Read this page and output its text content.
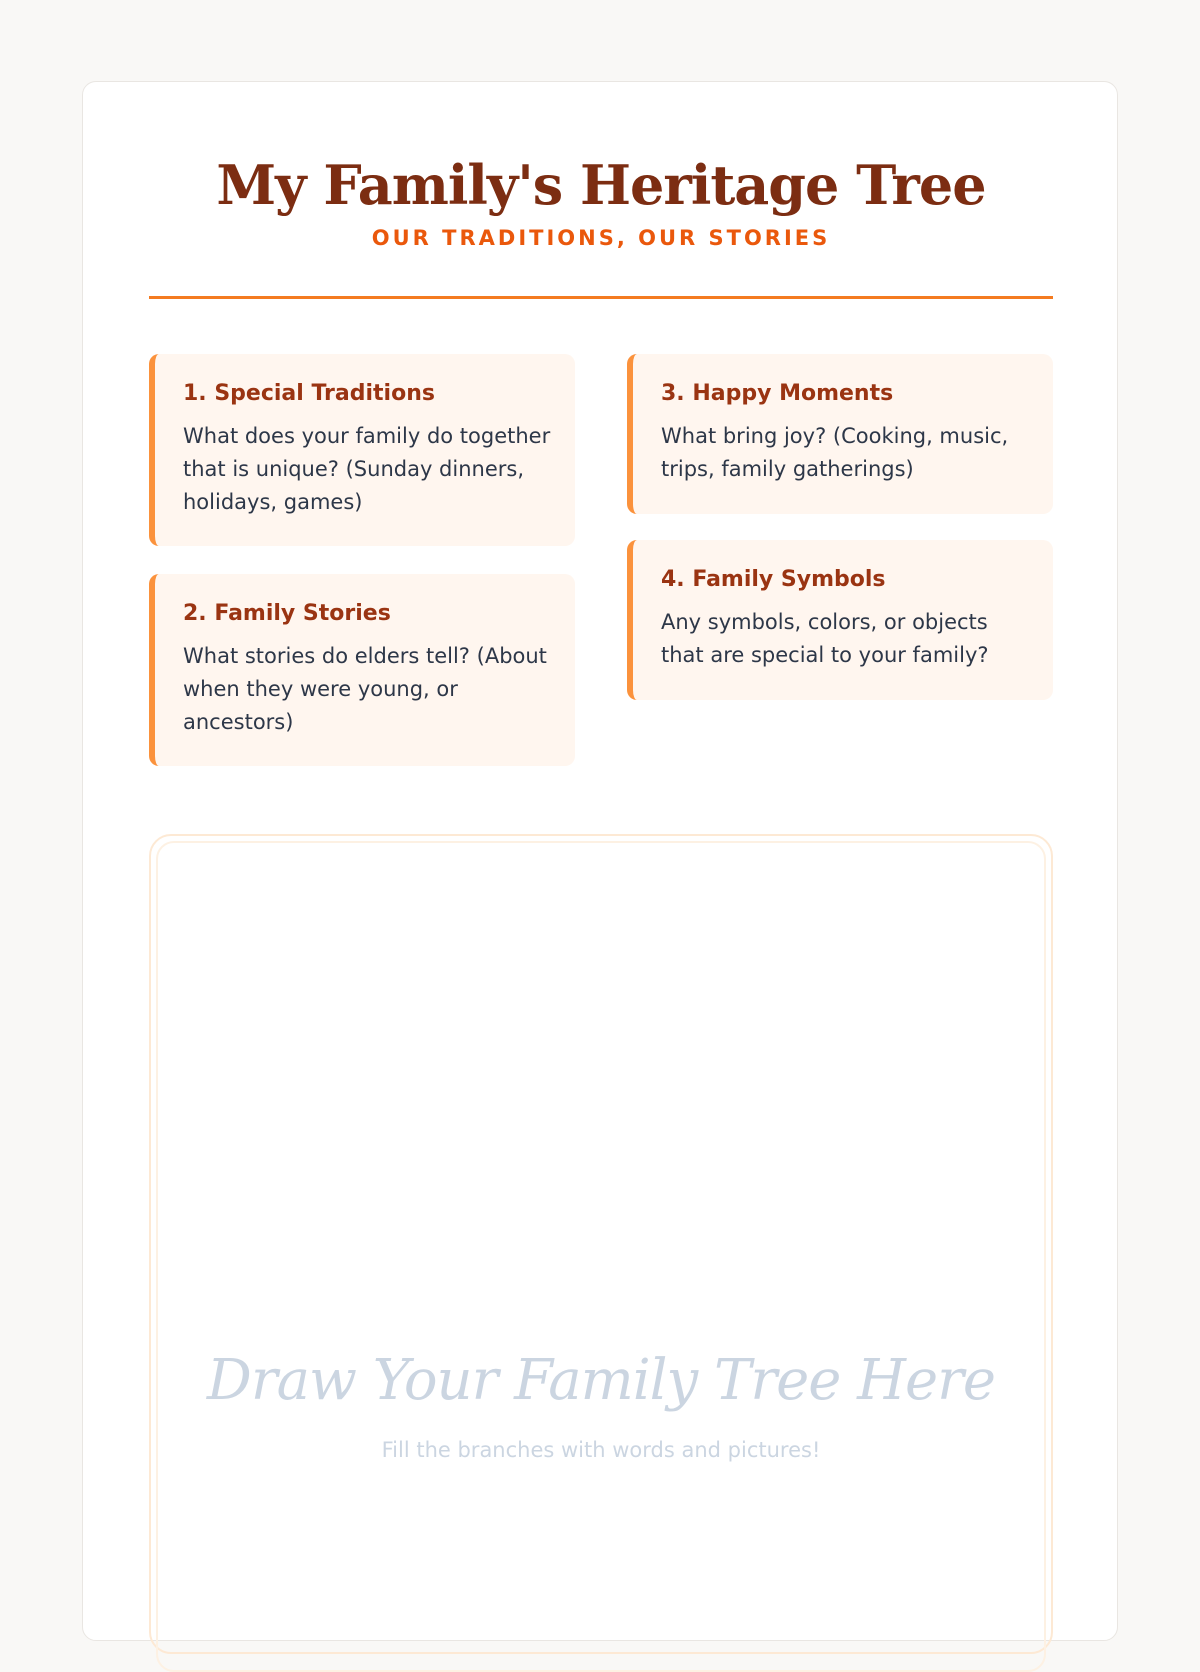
My Family's Heritage Tree
OUR TRADITIONS, OUR STORIES
1. Special Traditions

What does your family do together that is unique? (Sunday dinners, holidays, games)

2. Family Stories

What stories do elders tell? (About when they were young, or ancestors)

3. Happy Moments

What bring joy? (Cooking, music, trips, family gatherings)

4. Family Symbols

Any symbols, colors, or objects that are special to your family?

Draw Your Family Tree Here
Fill the branches with words and pictures!
